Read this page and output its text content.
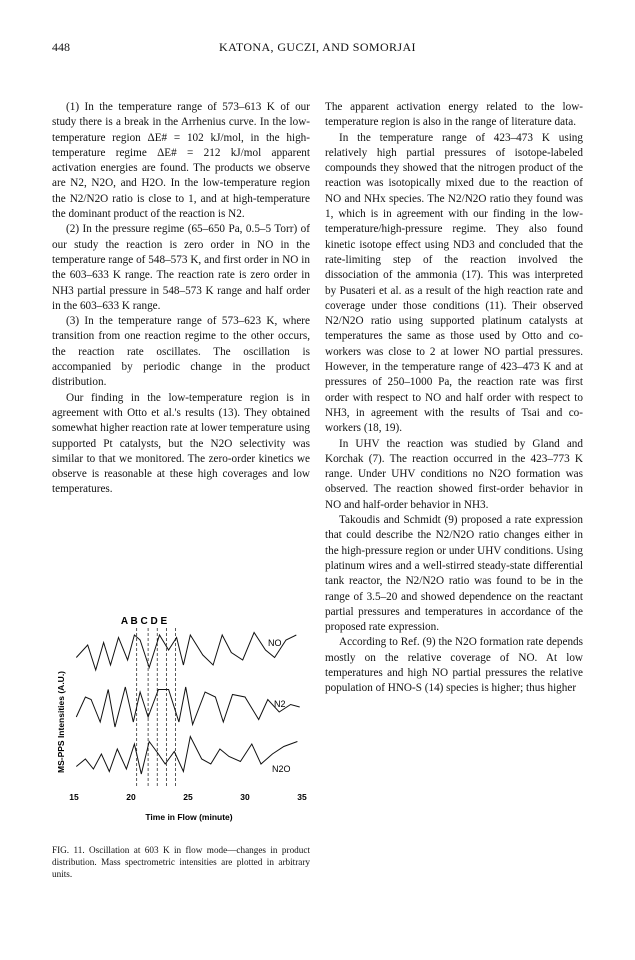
448	KATONA, GUCZI, AND SOMORJAI

(1) In the temperature range of 573–613 K of our study there is a break in the Arrhenius curve. In the low-temperature region ΔE# = 102 kJ/mol, in the high-temperature regime ΔE# = 212 kJ/mol apparent activation energies are found. The products we observe are N2, N2O, and H2O. In the low-temperature region the N2/N2O ratio is close to 1, and at high-temperature the dominant product of the reaction is N2.

(2) In the pressure regime (65–650 Pa, 0.5–5 Torr) of our study the reaction is zero order in NO in the temperature range of 548–573 K, and first order in NO in the 603–633 K range. The reaction rate is zero order in NH3 partial pressure in 548–573 K range and half order in the 603–633 K range.

(3) In the temperature range of 573–623 K, where transition from one reaction regime to the other occurs, the reaction rate oscillates. The oscillation is accompanied by periodic change in the product distribution.

Our finding in the low-temperature region is in agreement with Otto et al.'s results (13). They obtained somewhat higher reaction rate at lower temperature using supported Pt catalysts, but the N2O selectivity was similar to that we monitored. The zero-order kinetics we observe is reasonable at these high coverages and low temperatures.

The apparent activation energy related to the low-temperature region is also in the range of literature data.

In the temperature range of 423–473 K using relatively high partial pressures of isotope-labeled compounds they showed that the nitrogen product of the reaction was isotopically mixed due to the reaction of NO and NHx species. The N2/N2O ratio they found was 1, which is in agreement with our finding in the low-temperature/high-pressure regime. They also found kinetic isotope effect using ND3 and concluded that the rate-limiting step of the reaction involved the dissociation of the ammonia (17). This was interpreted by Pusateri et al. as a result of the high reaction rate and coverage under those conditions (11). Their observed N2/N2O ratio using supported platinum catalysts at temperatures the same as those used by Otto and co-workers was close to 2 at lower NO partial pressures. However, in the temperature range of 423–473 K and at pressures of 250–1000 Pa, the reaction rate was first order with respect to NO and half order with respect to NH3, in agreement with the results of Tsai and co-workers (18, 19).

In UHV the reaction was studied by Gland and Korchak (7). The reaction occurred in the 423–773 K range. Under UHV conditions no N2O formation was observed. The reaction showed first-order behavior in NO and half-order behavior in NH3.

Takoudis and Schmidt (9) proposed a rate expression that could describe the N2/N2O ratio changes either in the high-pressure region or under UHV conditions. Using platinum wires and a well-stirred steady-state differential tank reactor, the N2/N2O ratio was found to be in the range of 3.5–20 and showed dependence on the reactant partial pressures and temperatures in accordance of the proposed rate expression.

According to Ref. (9) the N2O formation rate depends mostly on the relative coverage of NO. At low temperatures and high NO partial pressures the relative population of HNO-S (14) species is higher; thus higher

A B C D E
MS-PPS Intensities (A.U.)
Time in Flow (minute)
15	20	25	30	35
NO
N2
N2O
FIG. 11. Oscillation at 603 K in flow mode—changes in product distribution. Mass spectrometric intensities are plotted in arbitrary units.
